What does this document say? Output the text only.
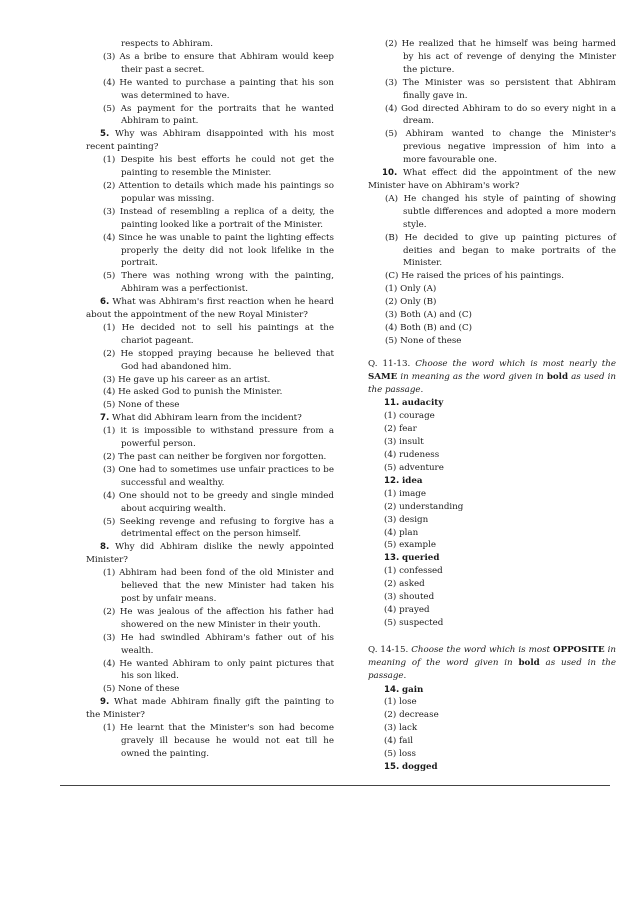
respects to Abhiram.

(3) As a bribe to ensure that Abhiram would keep their past a secret.

(4) He wanted to purchase a painting that his son was determined to have.

(5) As payment for the portraits that he wanted Abhiram to paint.

5. Why was Abhiram disappointed with his most recent painting?

(1) Despite his best efforts he could not get the painting to resemble the Minister.

(2) Attention to details which made his paintings so popular was missing.

(3) Instead of resembling a replica of a deity, the painting looked like a portrait of the Minister.

(4) Since he was unable to paint the lighting effects properly the deity did not look lifelike in the portrait.

(5) There was nothing wrong with the painting, Abhiram was a perfectionist.

6. What was Abhiram's first reaction when he heard about the appointment of the new Royal Minister?

(1) He decided not to sell his paintings at the chariot pageant.

(2) He stopped praying because he believed that God had abandoned him.

(3) He gave up his career as an artist.

(4) He asked God to punish the Minister.

(5) None of these

7. What did Abhiram learn from the incident?

(1) it is impossible to withstand pressure from a powerful person.

(2) The past can neither be forgiven nor forgotten.

(3) One had to sometimes use unfair practices to be successful and wealthy.

(4) One should not to be greedy and single minded about acquiring wealth.

(5) Seeking revenge and refusing to forgive has a detrimental effect on the person himself.

8. Why did Abhiram dislike the newly appointed Minister?

(1) Abhiram had been fond of the old Minister and believed that the new Minister had taken his post by unfair means.

(2) He was jealous of the affection his father had showered on the new Minister in their youth.

(3) He had swindled Abhiram's father out of his wealth.

(4) He wanted Abhiram to only paint pictures that his son liked.

(5) None of these

9. What made Abhiram finally gift the painting to the Minister?

(1) He learnt that the Minister's son had become gravely ill because he would not eat till he owned the painting.

(2) He realized that he himself was being harmed by his act of revenge of denying the Minister the picture.

(3) The Minister was so persistent that Abhiram finally gave in.

(4) God directed Abhiram to do so every night in a dream.

(5) Abhiram wanted to change the Minister's previous negative impression of him into a more favourable one.

10. What effect did the appointment of the new Minister have on Abhiram's work?

(A) He changed his style of painting of showing subtle differences and adopted a more modern style.

(B) He decided to give up painting pictures of deities and began to make portraits of the Minister.

(C) He raised the prices of his paintings.

(1) Only (A)

(2) Only (B)

(3) Both (A) and (C)

(4) Both (B) and (C)

(5) None of these

Q. 11-13. Choose the word which is most nearly the SAME in meaning as the word given in bold as used in the passage.

11. audacity

(1) courage

(2) fear

(3) insult

(4) rudeness

(5) adventure

12. idea

(1) image

(2) understanding

(3) design

(4) plan

(5) example

13. queried

(1) confessed

(2) asked

(3) shouted

(4) prayed

(5) suspected

Q. 14-15. Choose the word which is most OPPOSITE in meaning of the word given in bold as used in the passage.

14. gain

(1) lose

(2) decrease

(3) lack

(4) fail

(5) loss

15. dogged
